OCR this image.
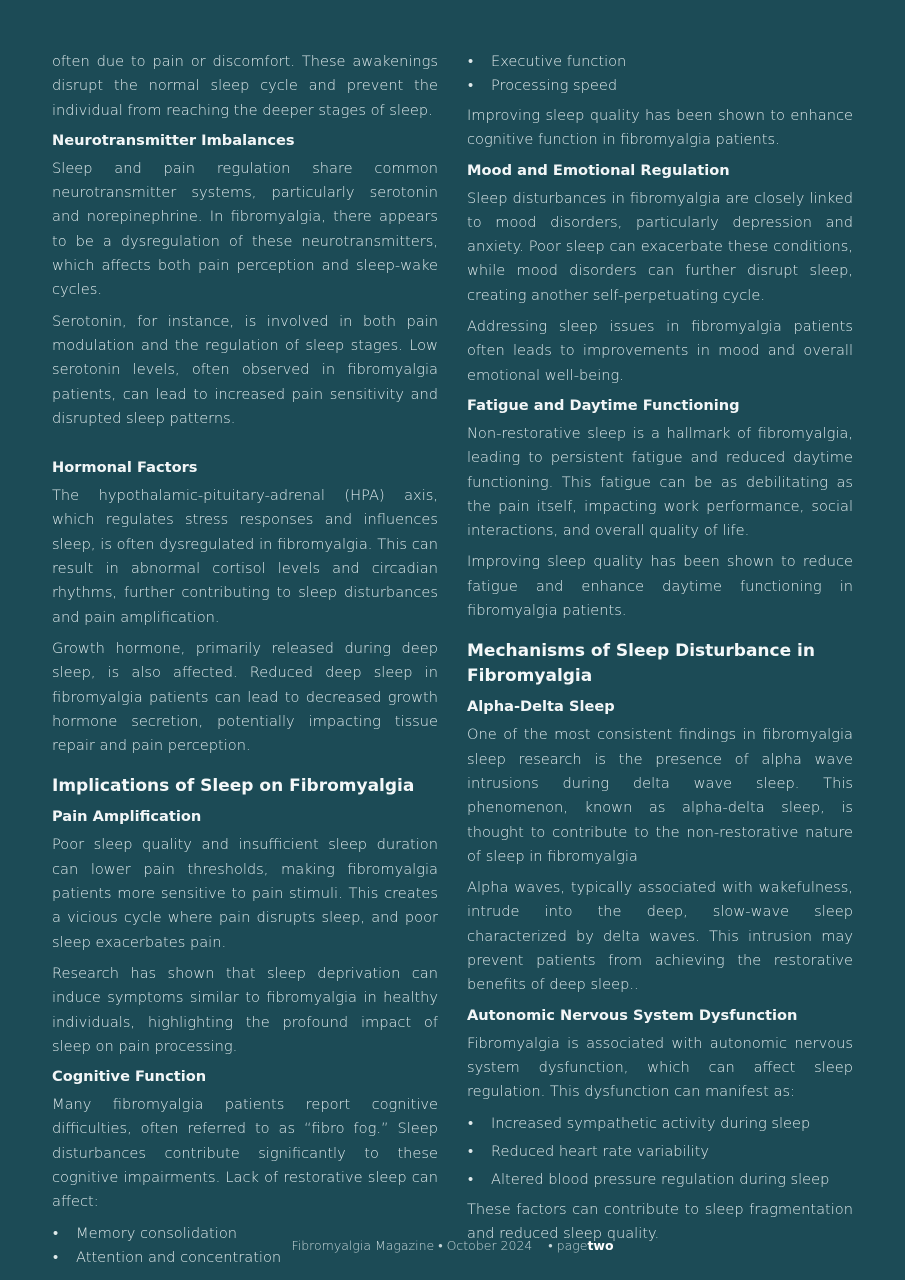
often due to pain or discomfort. These awakenings disrupt the normal sleep cycle and prevent the individual from reaching the deeper stages of sleep.

Neurotransmitter Imbalances

Sleep and pain regulation share common neurotransmitter systems, particularly serotonin and norepinephrine. In fibromyalgia, there appears to be a dysregulation of these neurotransmitters, which affects both pain perception and sleep-wake cycles.

Serotonin, for instance, is involved in both pain modulation and the regulation of sleep stages. Low serotonin levels, often observed in fibromyalgia patients, can lead to increased pain sensitivity and disrupted sleep patterns.

Hormonal Factors

The hypothalamic-pituitary-adrenal (HPA) axis, which regulates stress responses and influences sleep, is often dysregulated in fibromyalgia. This can result in abnormal cortisol levels and circadian rhythms, further contributing to sleep disturbances and pain amplification.

Growth hormone, primarily released during deep sleep, is also affected. Reduced deep sleep in fibromyalgia patients can lead to decreased growth hormone secretion, potentially impacting tissue repair and pain perception.

Implications of Sleep on Fibromyalgia
Pain Amplification

Poor sleep quality and insufficient sleep duration can lower pain thresholds, making fibromyalgia patients more sensitive to pain stimuli. This creates a vicious cycle where pain disrupts sleep, and poor sleep exacerbates pain.

Research has shown that sleep deprivation can induce symptoms similar to fibromyalgia in healthy individuals, highlighting the profound impact of sleep on pain processing.

Cognitive Function

Many fibromyalgia patients report cognitive difficulties, often referred to as “fibro fog.” Sleep disturbances contribute significantly to these cognitive impairments. Lack of restorative sleep can affect:

• Memory consolidation
• Attention and concentration
• Executive function
• Processing speed

Improving sleep quality has been shown to enhance cognitive function in fibromyalgia patients.

Mood and Emotional Regulation

Sleep disturbances in fibromyalgia are closely linked to mood disorders, particularly depression and anxiety. Poor sleep can exacerbate these conditions, while mood disorders can further disrupt sleep, creating another self-perpetuating cycle.

Addressing sleep issues in fibromyalgia patients often leads to improvements in mood and overall emotional well-being.

Fatigue and Daytime Functioning

Non-restorative sleep is a hallmark of fibromyalgia, leading to persistent fatigue and reduced daytime functioning. This fatigue can be as debilitating as the pain itself, impacting work performance, social interactions, and overall quality of life.

Improving sleep quality has been shown to reduce fatigue and enhance daytime functioning in fibromyalgia patients.

Mechanisms of Sleep Disturbance in Fibromyalgia
Alpha-Delta Sleep

One of the most consistent findings in fibromyalgia sleep research is the presence of alpha wave intrusions during delta wave sleep. This phenomenon, known as alpha-delta sleep, is thought to contribute to the non-restorative nature of sleep in fibromyalgia

Alpha waves, typically associated with wakefulness, intrude into the deep, slow-wave sleep characterized by delta waves. This intrusion may prevent patients from achieving the restorative benefits of deep sleep..

Autonomic Nervous System Dysfunction

Fibromyalgia is associated with autonomic nervous system dysfunction, which can affect sleep regulation. This dysfunction can manifest as:

• Increased sympathetic activity during sleep
• Reduced heart rate variability
• Altered blood pressure regulation during sleep

These factors can contribute to sleep fragmentation and reduced sleep quality.

Fibromyalgia Magazine • October 2024    • pagetwo
